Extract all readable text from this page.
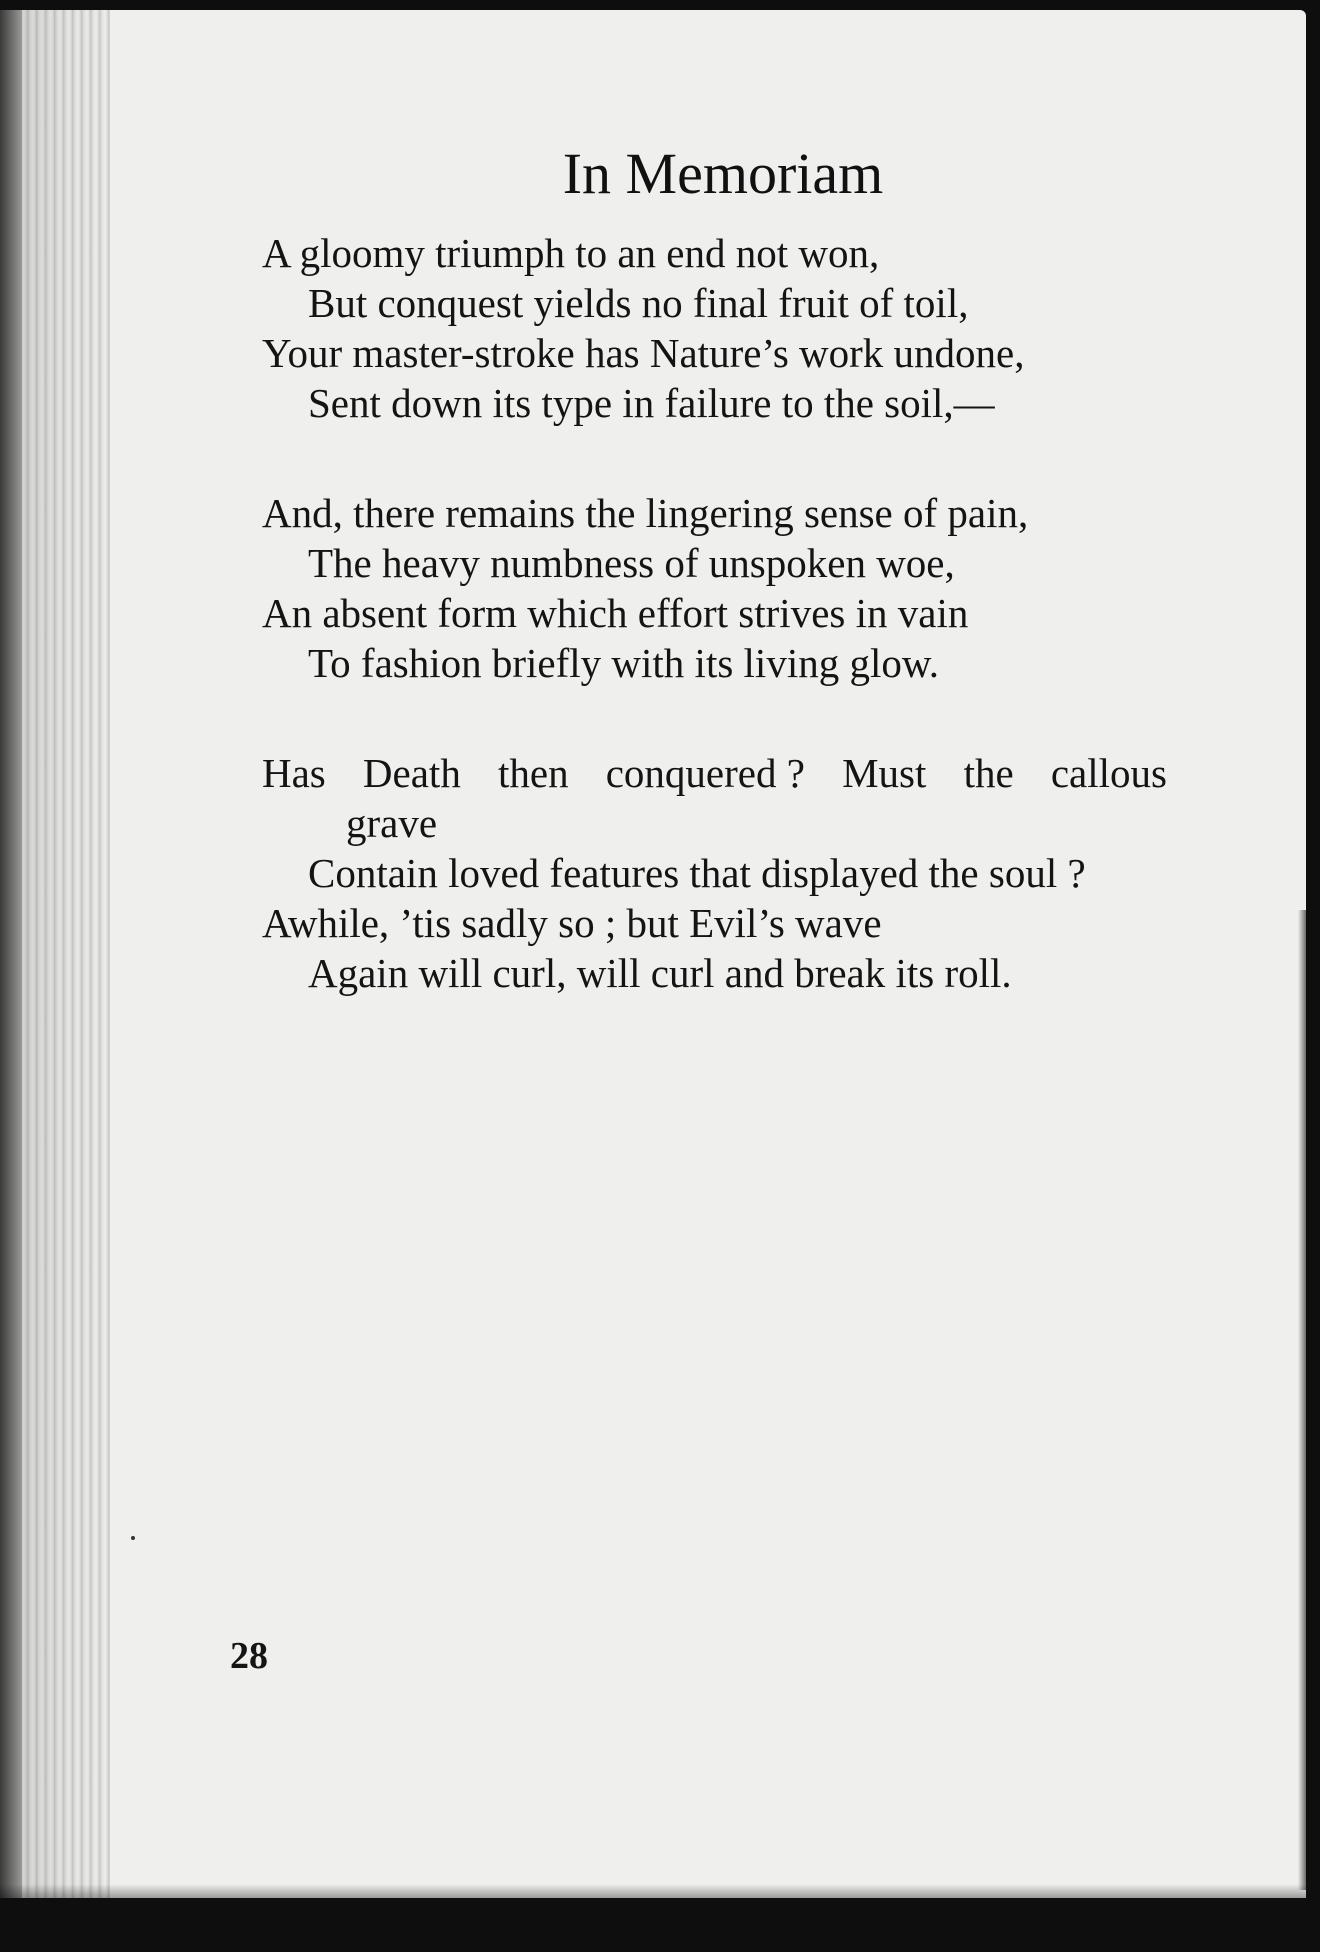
In Memoriam
A gloomy triumph to an end not won,
But conquest yields no final fruit of toil,
Your master-stroke has Nature’s work undone,
Sent down its type in failure to the soil,—
And, there remains the lingering sense of pain,
The heavy numbness of unspoken woe,
An absent form which effort strives in vain
To fashion briefly with its living glow.
Has Death then conquered ? Must the callous
grave
Contain loved features that displayed the soul ?
Awhile, ’tis sadly so ; but Evil’s wave
Again will curl, will curl and break its roll.
28
